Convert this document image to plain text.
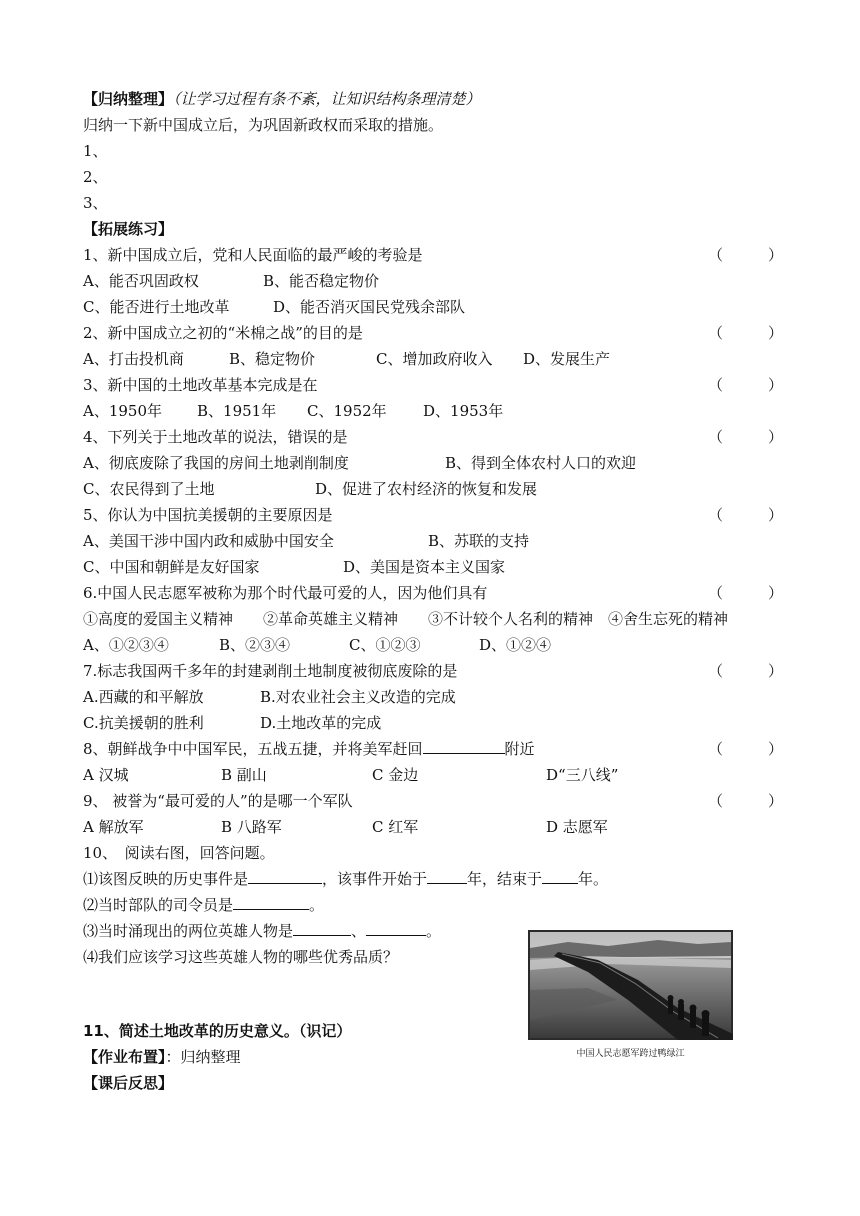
【归纳整理】（让学习过程有条不紊，让知识结构条理清楚）
归纳一下新中国成立后，为巩固新政权而采取的措施。
1、
2、
3、
【拓展练习】
1、新中国成立后，党和人民面临的最严峻的考验是	（　　　）
A、能否巩固政权	B、能否稳定物价
C、能否进行土地改革	D、能否消灭国民党残余部队
2、新中国成立之初的“米棉之战”的目的是	（　　　）
A、打击投机商	B、稳定物价	C、增加政府收入 D、发展生产
3、新中国的土地改革基本完成是在	（　　　）
A、1950年 B、1951年 C、1952年 D、1953年
4、下列关于土地改革的说法，错误的是	（　　　）
A、彻底废除了我国的房间土地剥削制度	B、得到全体农村人口的欢迎
C、农民得到了土地	D、促进了农村经济的恢复和发展
5、你认为中国抗美援朝的主要原因是	（　　　）
A、美国干涉中国内政和威胁中国安全	B、苏联的支持
C、中国和朝鲜是友好国家	D、美国是资本主义国家
6.中国人民志愿军被称为那个时代最可爱的人，因为他们具有	（　　　）
①高度的爱国主义精神　　②革命英雄主义精神　　③不计较个人名利的精神　④舍生忘死的精神
A、①②③④	B、②③④	C、①②③	D、①②④
7.标志我国两千多年的封建剥削土地制度被彻底废除的是	（　　　）
A.西藏的和平解放	B.对农业社会主义改造的完成
C.抗美援朝的胜利	D.土地改革的完成
8、朝鲜战争中中国军民，五战五捷，并将美军赶回	附近	（　　　）
A 汉城	B 副山	C 金边	D“三八线”
9、 被誉为“最可爱的人”的是哪一个军队	（　　　）
A 解放军	B 八路军	C 红军	D 志愿军
10、　阅读右图，回答问题。
⑴该图反映的历史事件是	，该事件开始于	年，结束于 年。
⑵当时部队的司令员是	。
⑶当时涌现出的两位英雄人物是	、	。
⑷我们应该学习这些英雄人物的哪些优秀品质？
11、简述土地改革的历史意义。（识记）
【作业布置】：归纳整理
【课后反思】
中国人民志愿军跨过鸭绿江
